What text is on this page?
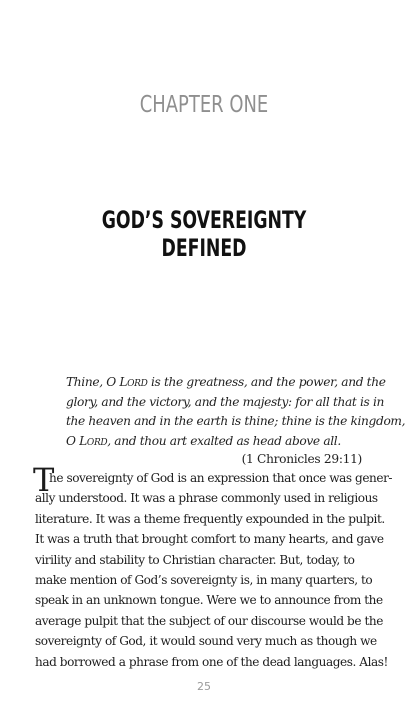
CHAPTER ONE
GOD’S SOVEREIGNTY DEFINED
Thine, O Lord is the greatness, and the power, and the
glory, and the victory, and the majesty: for all that is in
the heaven and in the earth is thine; thine is the kingdom,
O Lord, and thou art exalted as head above all.
(1 Chronicles 29:11)
T
he sovereignty of God is an expression that once was gener-
ally understood. It was a phrase commonly used in religious
literature. It was a theme frequently expounded in the pulpit.
It was a truth that brought comfort to many hearts, and gave
virility and stability to Christian character. But, today, to
make mention of God’s sovereignty is, in many quarters, to
speak in an unknown tongue. Were we to announce from the
average pulpit that the subject of our discourse would be the
sovereignty of God, it would sound very much as though we
had borrowed a phrase from one of the dead languages. Alas!
25
